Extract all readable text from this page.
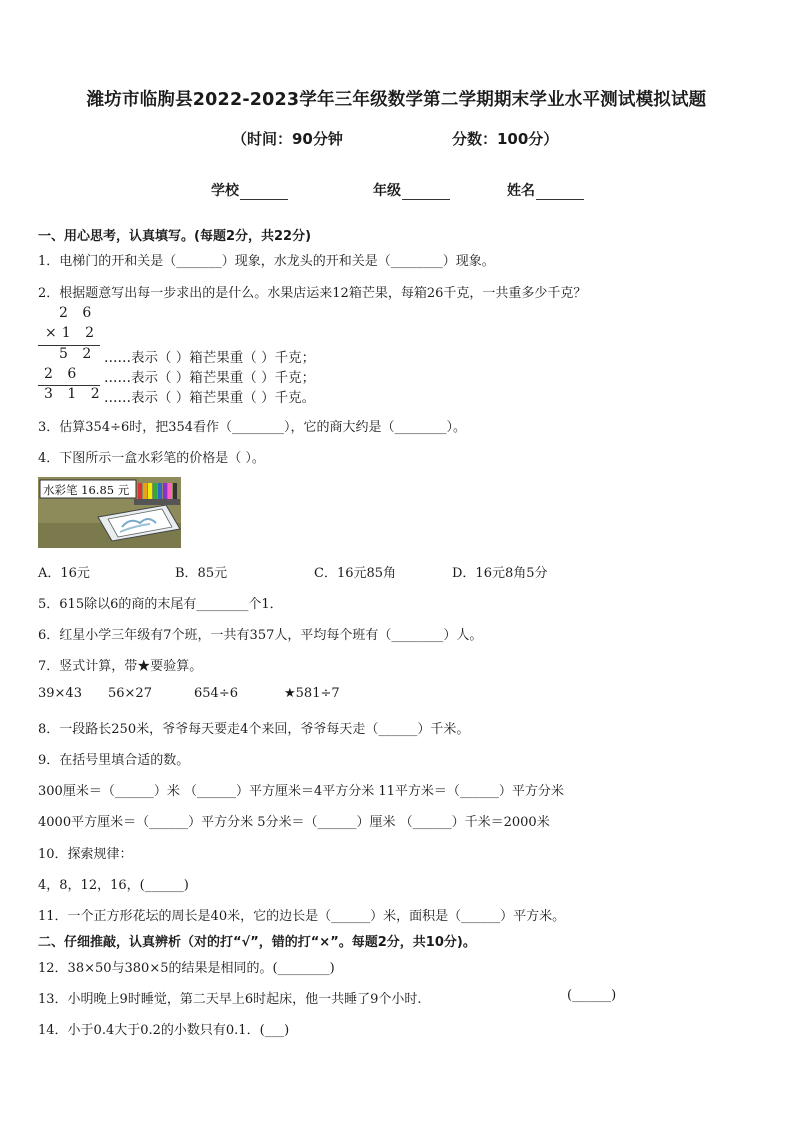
潍坊市临朐县2022-2023学年三年级数学第二学期期末学业水平测试模拟试题
（时间：90分钟	分数：100分）
学校	年级	姓名
一、用心思考，认真填写。(每题2分，共22分)
1．电梯门的开和关是（_______）现象，水龙头的开和关是（________）现象。
2．根据题意写出每一步求出的是什么。水果店运来12箱芒果，每箱26千克，一共重多少千克？
2 6
×1 2
5 2 ……表示（ ）箱芒果重（ ）千克；
2 6 ……表示（ ）箱芒果重（ ）千克；
3 1 2 ……表示（ ）箱芒果重（ ）千克。
3．估算354÷6时，把354看作（________），它的商大约是（________）。
4．下图所示一盒水彩笔的价格是（ ）。
水彩笔 16.85 元
A．16元	B．85元	C．16元85角	D．16元8角5分
5．615除以6的商的末尾有________个1．
6．红星小学三年级有7个班，一共有357人，平均每个班有（________）人。
7．竖式计算，带★要验算。
39×43 56×27	654÷6	★581÷7
8．一段路长250米，爷爷每天要走4个来回，爷爷每天走（______）千米。
9．在括号里填合适的数。
300厘米＝（______）米 （______）平方厘米＝4平方分米 11平方米＝（______）平方分米
4000平方厘米＝（______）平方分米 5分米＝（______）厘米 （______）千米＝2000米
10．探索规律：
4，8，12，16，(______)
11．一个正方形花坛的周长是40米，它的边长是（______）米，面积是（______）平方米。
二、仔细推敲，认真辨析（对的打“√”，错的打“×”。每题2分，共10分)。
12．38×50与380×5的结果是相同的。(________)
13．小明晚上9时睡觉，第二天早上6时起床，他一共睡了9个小时.	(______)
14．小于0.4大于0.2的小数只有0.1．(___)
